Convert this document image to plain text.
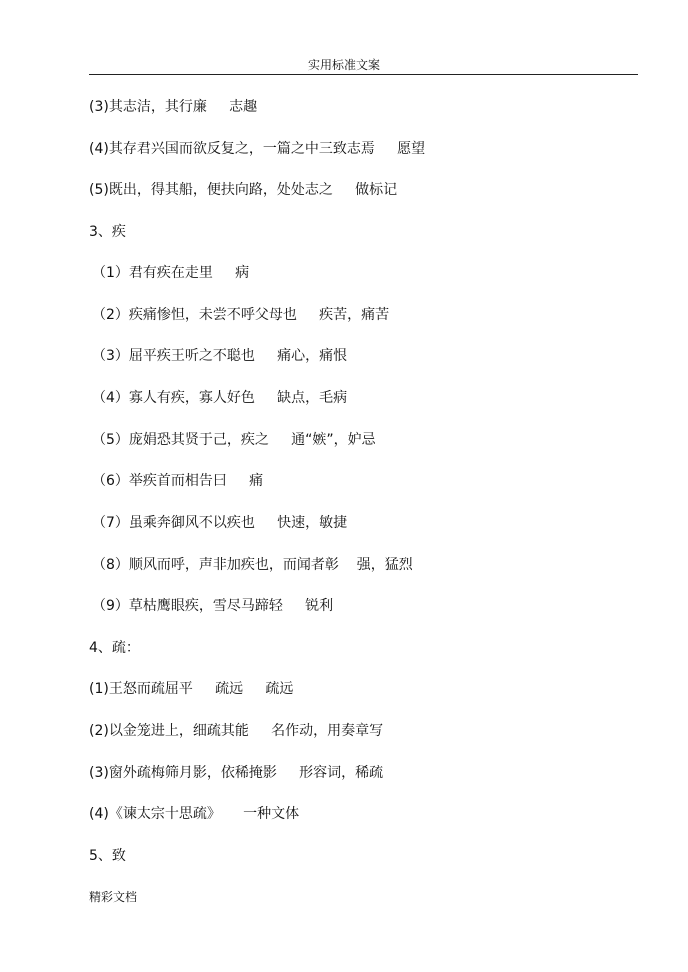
实用标准文案
(3)其志洁，其行廉     志趣
(4)其存君兴国而欲反复之，一篇之中三致志焉     愿望
(5)既出，得其船，便扶向路，处处志之     做标记
3、疾
（1）君有疾在走里     病
（2）疾痛惨怛，未尝不呼父母也     疾苦，痛苦
（3）屈平疾王听之不聪也     痛心，痛恨
（4）寡人有疾，寡人好色     缺点，毛病
（5）庞娟恐其贤于己，疾之     通“嫉”，妒忌
（6）举疾首而相告曰     痛
（7）虽乘奔御风不以疾也     快速，敏捷
（8）顺风而呼，声非加疾也，而闻者彰    强，猛烈
（9）草枯鹰眼疾，雪尽马蹄轻     锐利
4、疏：
(1)王怒而疏屈平     疏远     疏远
(2)以金笼进上，细疏其能     名作动，用奏章写
(3)窗外疏梅筛月影，依稀掩影     形容词，稀疏
(4)《谏太宗十思疏》     一种文体
5、致
精彩文档
